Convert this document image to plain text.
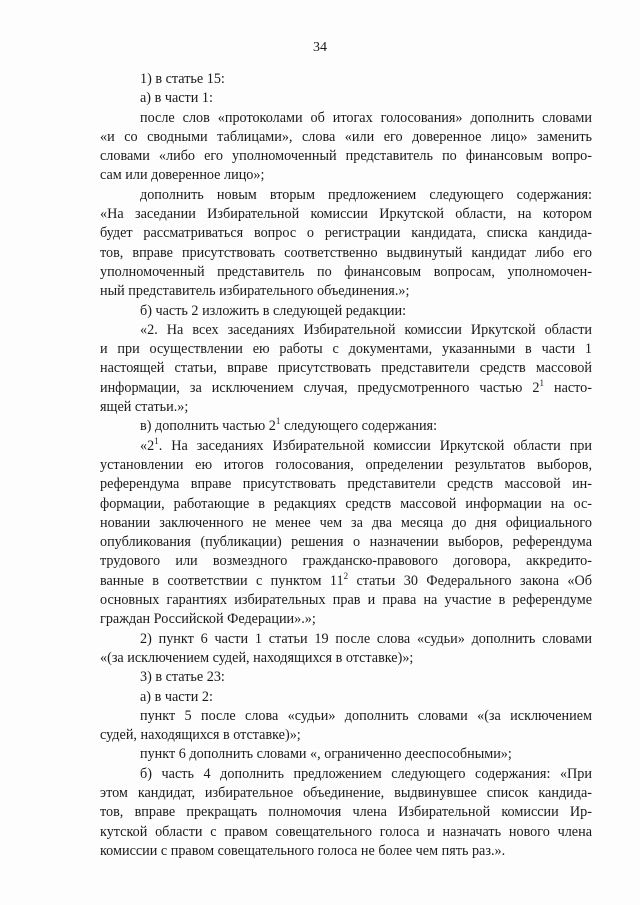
34
1) в статье 15:
а) в части 1:
после слов «протоколами об итогах голосования» дополнить словами
«и со сводными таблицами», слова «или его доверенное лицо» заменить
словами «либо его уполномоченный представитель по финансовым вопро-
сам или доверенное лицо»;
дополнить новым вторым предложением следующего содержания:
«На заседании Избирательной комиссии Иркутской области, на котором
будет рассматриваться вопрос о регистрации кандидата, списка кандида-
тов, вправе присутствовать соответственно выдвинутый кандидат либо его
уполномоченный представитель по финансовым вопросам, уполномочен-
ный представитель избирательного объединения.»;
б) часть 2 изложить в следующей редакции:
«2. На всех заседаниях Избирательной комиссии Иркутской области
и при осуществлении ею работы с документами, указанными в части 1
настоящей статьи, вправе присутствовать представители средств массовой
информации, за исключением случая, предусмотренного частью $2^1$ насто-
ящей статьи.»;
в) дополнить частью $2^1$ следующего содержания:
«$2^1$. На заседаниях Избирательной комиссии Иркутской области при
установлении ею итогов голосования, определении результатов выборов,
референдума вправе присутствовать представители средств массовой ин-
формации, работающие в редакциях средств массовой информации на ос-
новании заключенного не менее чем за два месяца до дня официального
опубликования (публикации) решения о назначении выборов, референдума
трудового или возмездного гражданско-правового договора, аккредито-
ванные в соответствии с пунктом $11^2$ статьи 30 Федерального закона «Об
основных гарантиях избирательных прав и права на участие в референдуме
граждан Российской Федерации».»;
2) пункт 6 части 1 статьи 19 после слова «судьи» дополнить словами
«(за исключением судей, находящихся в отставке)»;
3) в статье 23:
а) в части 2:
пункт 5 после слова «судьи» дополнить словами «(за исключением
судей, находящихся в отставке)»;
пункт 6 дополнить словами «, ограниченно дееспособными»;
б) часть 4 дополнить предложением следующего содержания: «При
этом кандидат, избирательное объединение, выдвинувшее список кандида-
тов, вправе прекращать полномочия члена Избирательной комиссии Ир-
кутской области с правом совещательного голоса и назначать нового члена
комиссии с правом совещательного голоса не более чем пять раз.».
